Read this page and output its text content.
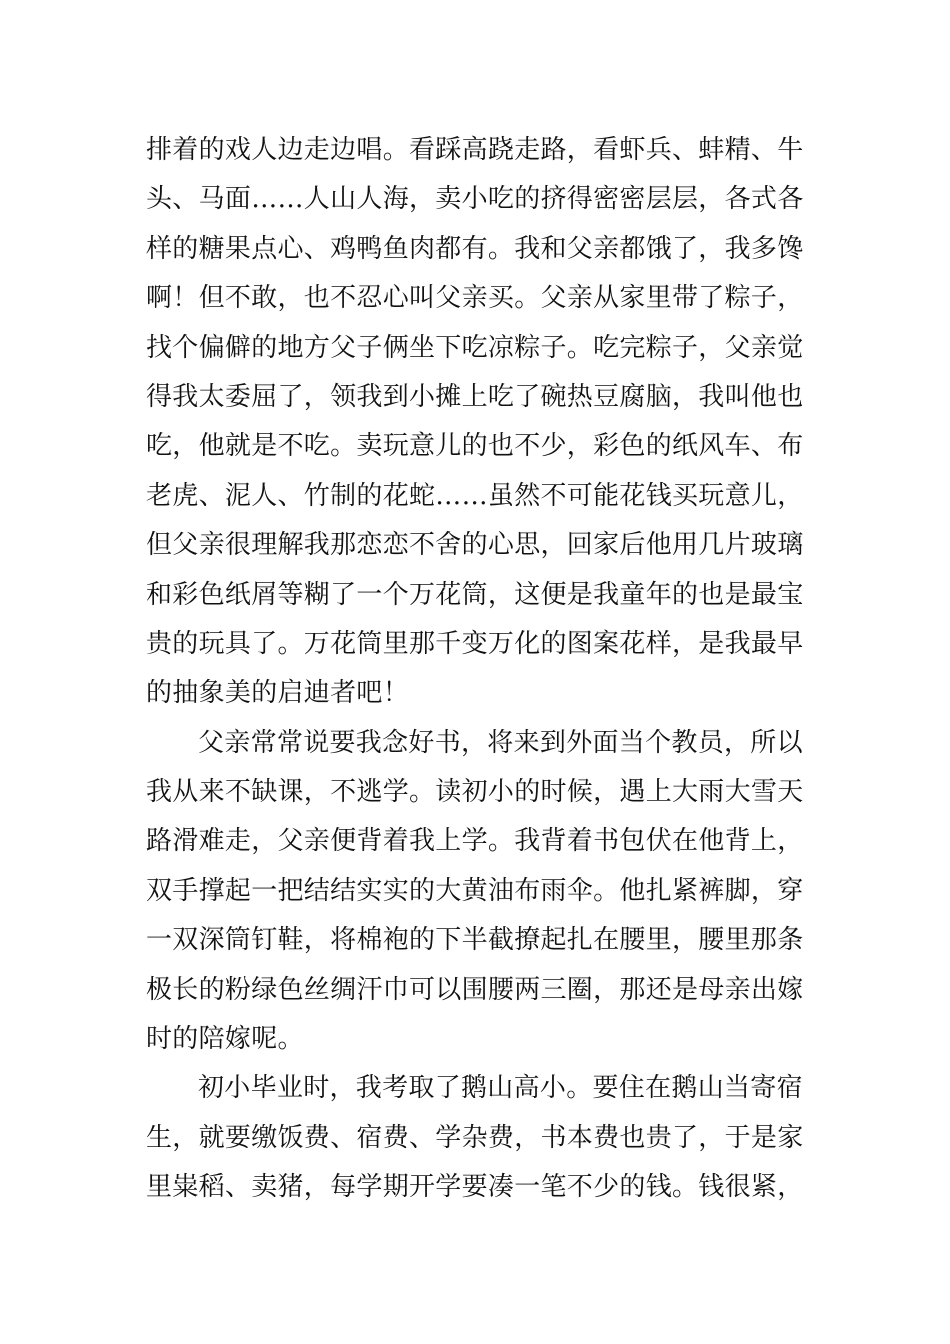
排着的戏人边走边唱。看踩高跷走路，看虾兵、蚌精、牛
头、马面……人山人海，卖小吃的挤得密密层层，各式各
样的糖果点心、鸡鸭鱼肉都有。我和父亲都饿了，我多馋
啊！但不敢，也不忍心叫父亲买。父亲从家里带了粽子，
找个偏僻的地方父子俩坐下吃凉粽子。吃完粽子，父亲觉
得我太委屈了，领我到小摊上吃了碗热豆腐脑，我叫他也
吃，他就是不吃。卖玩意儿的也不少，彩色的纸风车、布
老虎、泥人、竹制的花蛇……虽然不可能花钱买玩意儿，
但父亲很理解我那恋恋不舍的心思，回家后他用几片玻璃
和彩色纸屑等糊了一个万花筒，这便是我童年的也是最宝
贵的玩具了。万花筒里那千变万化的图案花样，是我最早
的抽象美的启迪者吧！
父亲常常说要我念好书，将来到外面当个教员，所以
我从来不缺课，不逃学。读初小的时候，遇上大雨大雪天
路滑难走，父亲便背着我上学。我背着书包伏在他背上，
双手撑起一把结结实实的大黄油布雨伞。他扎紧裤脚，穿
一双深筒钉鞋，将棉袍的下半截撩起扎在腰里，腰里那条
极长的粉绿色丝绸汗巾可以围腰两三圈，那还是母亲出嫁
时的陪嫁呢。
初小毕业时，我考取了鹅山高小。要住在鹅山当寄宿
生，就要缴饭费、宿费、学杂费，书本费也贵了，于是家
里粜稻、卖猪，每学期开学要凑一笔不少的钱。钱很紧，
